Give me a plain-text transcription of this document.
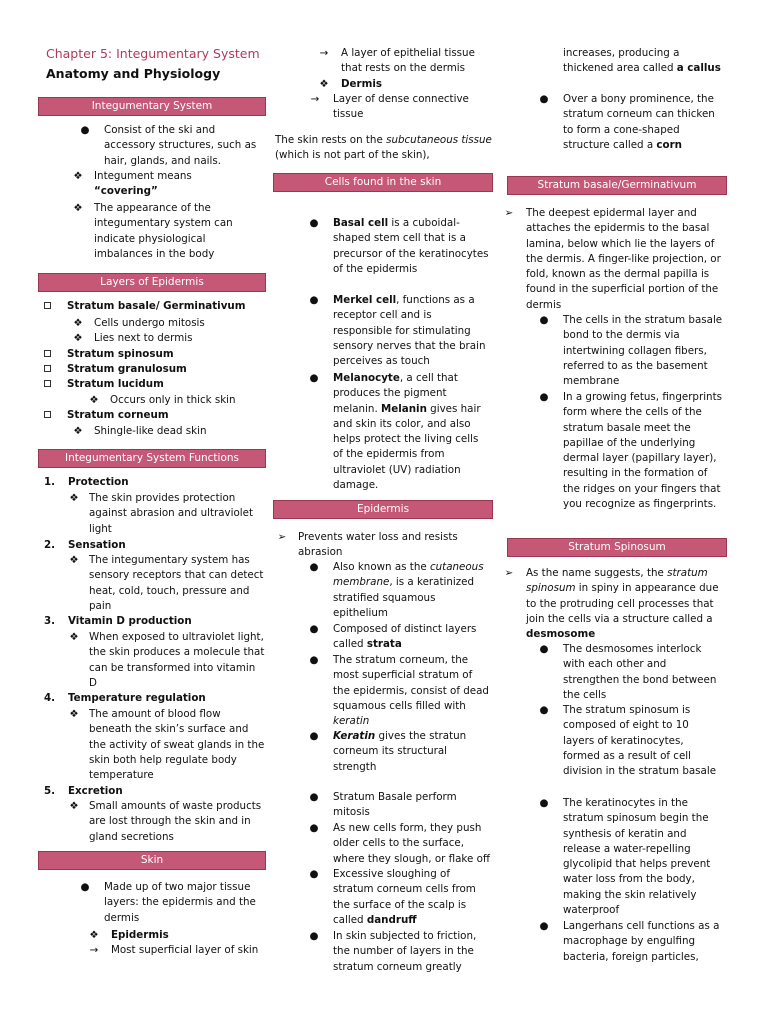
Chapter 5: Integumentary System
Anatomy and Physiology
Integumentary System
● Consist of the ski and accessory structures, such as hair, glands, and nails.
❖ Integument means
“covering”
❖ The appearance of the integumentary system can indicate physiological imbalances in the body
Layers of Epidermis
Stratum basale/ Germinativum
❖ Cells undergo mitosis
❖ Lies next to dermis
Stratum spinosum
Stratum granulosum
Stratum lucidum
❖ Occurs only in thick skin
Stratum corneum
❖ Shingle-like dead skin
Integumentary System Functions
1. Protection
❖ The skin provides protection against abrasion and ultraviolet light
2. Sensation
❖ The integumentary system has sensory receptors that can detect heat, cold, touch, pressure and pain
3. Vitamin D production
❖ When exposed to ultraviolet light, the skin produces a molecule that can be transformed into vitamin D
4. Temperature regulation
❖ The amount of blood flow beneath the skin’s surface and the activity of sweat glands in the skin both help regulate body temperature
5. Excretion
❖ Small amounts of waste products are lost through the skin and in gland secretions
Skin
● Made up of two major tissue layers: the epidermis and the dermis
❖ Epidermis
→ Most superficial layer of skin
→ A layer of epithelial tissue that rests on the dermis
❖ Dermis
→ Layer of dense connective tissue
The skin rests on the subcutaneous tissue (which is not part of the skin),
Cells found in the skin
● Basal cell is a cuboidal-shaped stem cell that is a precursor of the keratinocytes of the epidermis
● Merkel cell, functions as a receptor cell and is responsible for stimulating sensory nerves that the brain perceives as touch
● Melanocyte, a cell that produces the pigment melanin. Melanin gives hair and skin its color, and also helps protect the living cells of the epidermis from ultraviolet (UV) radiation damage.
Epidermis
➢ Prevents water loss and resists abrasion
● Also known as the cutaneous membrane, is a keratinized stratified squamous epithelium
● Composed of distinct layers called strata
● The stratum corneum, the most superficial stratum of the epidermis, consist of dead squamous cells filled with keratin
● Keratin gives the stratun corneum its structural strength
● Stratum Basale perform mitosis
● As new cells form, they push older cells to the surface, where they slough, or flake off
● Excessive sloughing of stratum corneum cells from the surface of the scalp is called dandruff
● In skin subjected to friction, the number of layers in the stratum corneum greatly
increases, producing a thickened area called a callus
● Over a bony prominence, the stratum corneum can thicken to form a cone-shaped structure called a corn
Stratum basale/Germinativum
➢ The deepest epidermal layer and attaches the epidermis to the basal lamina, below which lie the layers of the dermis. A finger-like projection, or fold, known as the dermal papilla is found in the superficial portion of the dermis
● The cells in the stratum basale bond to the dermis via intertwining collagen fibers, referred to as the basement membrane
● In a growing fetus, fingerprints form where the cells of the stratum basale meet the papillae of the underlying dermal layer (papillary layer), resulting in the formation of the ridges on your fingers that you recognize as fingerprints.
Stratum Spinosum
➢ As the name suggests, the stratum spinosum in spiny in appearance due to the protruding cell processes that join the cells via a structure called a desmosome
● The desmosomes interlock with each other and strengthen the bond between the cells
● The stratum spinosum is composed of eight to 10 layers of keratinocytes, formed as a result of cell division in the stratum basale
● The keratinocytes in the stratum spinosum begin the synthesis of keratin and release a water-repelling glycolipid that helps prevent water loss from the body, making the skin relatively waterproof
● Langerhans cell functions as a macrophage by engulfing bacteria, foreign particles,
